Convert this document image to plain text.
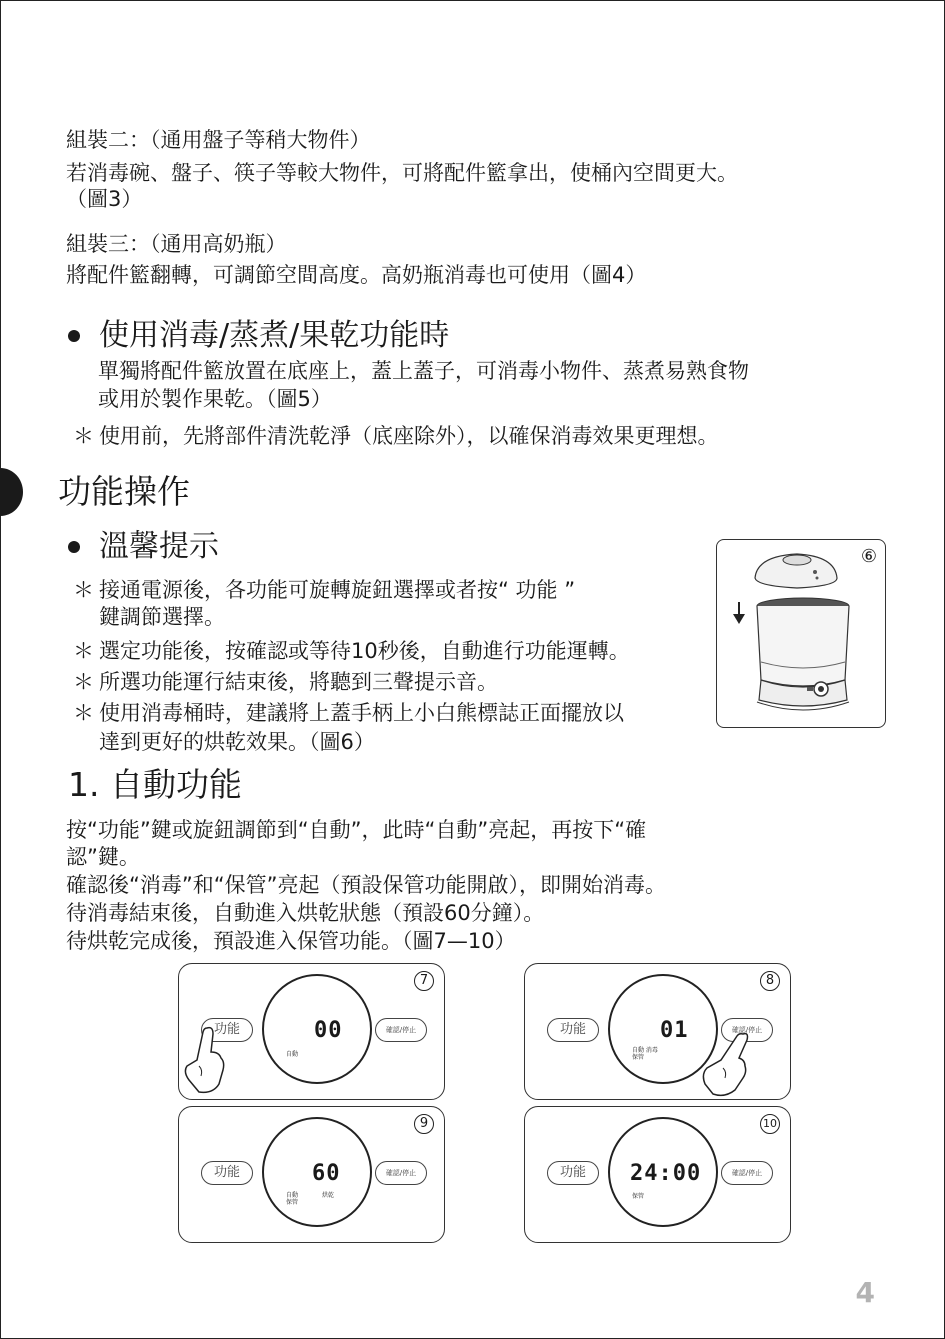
組裝二：（通用盤子等稍大物件）
若消毒碗、盤子、筷子等較大物件，可將配件籃拿出，使桶內空間更大。
（圖3）
組裝三：（通用高奶瓶）
將配件籃翻轉，可調節空間高度。高奶瓶消毒也可使用（圖4）
使用消毒/蒸煮/果乾功能時
單獨將配件籃放置在底座上，蓋上蓋子，可消毒小物件、蒸煮易熟食物
或用於製作果乾。（圖5）
＊ 使用前，先將部件清洗乾淨（底座除外），以確保消毒效果更理想。
功能操作
溫馨提示
＊ 接通電源後，各功能可旋轉旋鈕選擇或者按“ 功能 ”
鍵調節選擇。
＊ 選定功能後，按確認或等待10秒後，自動進行功能運轉。
＊ 所選功能運行結束後，將聽到三聲提示音。
＊ 使用消毒桶時，建議將上蓋手柄上小白熊標誌正面擺放以
達到更好的烘乾效果。（圖6）
⑥
1. 自動功能
按“功能”鍵或旋鈕調節到“自動”，此時“自動”亮起，再按下“確
認”鍵。
確認後“消毒”和“保管”亮起（預設保管功能開啟），即開始消毒。
待消毒結束後，自動進入烘乾狀態（預設60分鐘）。
待烘乾完成後，預設進入保管功能。（圖7—10）
7
00
自動
功能	確認/停止
8
01
自動 消毒
保管
功能	確認/停止
9
60
自動
保管
烘乾
功能	確認/停止
10
24:00
保管
功能	確認/停止
4
